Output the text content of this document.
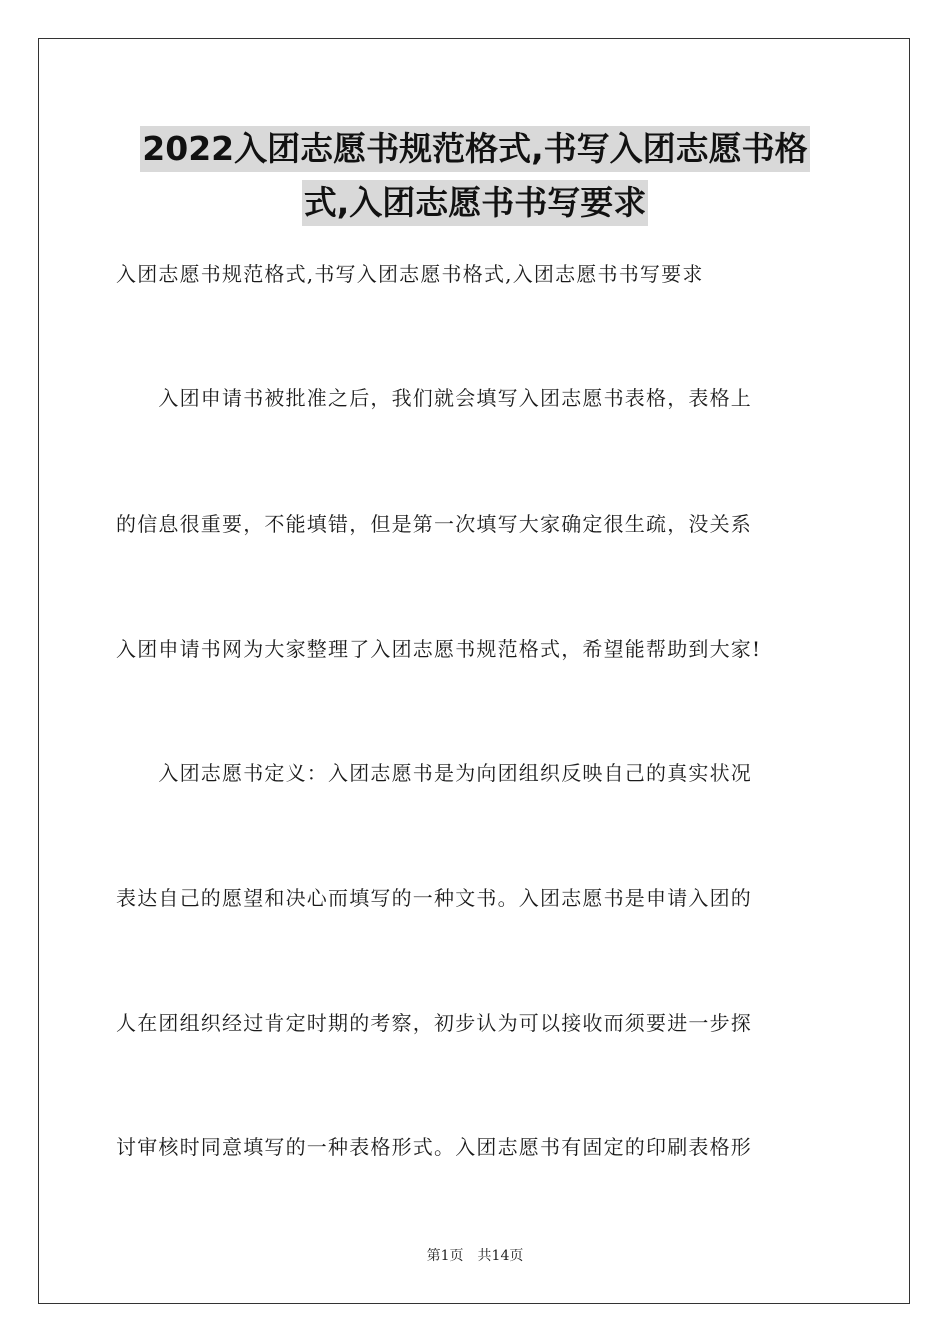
2022入团志愿书规范格式,书写入团志愿书格
式,入团志愿书书写要求
入团志愿书规范格式,书写入团志愿书格式,入团志愿书书写要求
　　入团申请书被批准之后，我们就会填写入团志愿书表格，表格上
的信息很重要，不能填错，但是第一次填写大家确定很生疏，没关系
入团申请书网为大家整理了入团志愿书规范格式，希望能帮助到大家!
　　入团志愿书定义：入团志愿书是为向团组织反映自己的真实状况
表达自己的愿望和决心而填写的一种文书。入团志愿书是申请入团的
人在团组织经过肯定时期的考察，初步认为可以接收而须要进一步探
讨审核时同意填写的一种表格形式。入团志愿书有固定的印刷表格形
第1页 共14页
